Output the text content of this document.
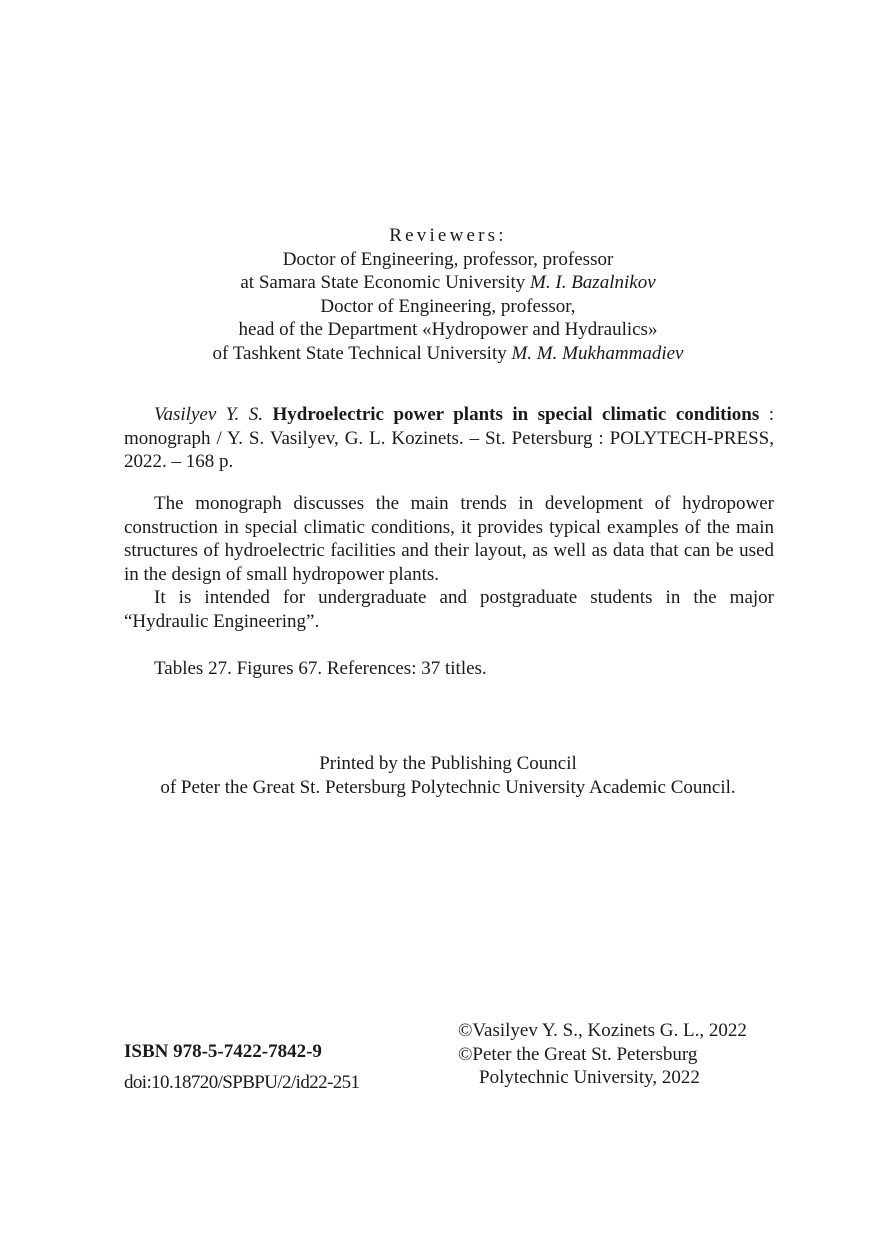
Reviewers:
Doctor of Engineering, professor, professor
at Samara State Economic University M. I. Bazalnikov
Doctor of Engineering, professor,
head of the Department «Hydropower and Hydraulics»
of Tashkent State Technical University M. M. Mukhammadiev

Vasilyev Y. S. Hydroelectric power plants in special climatic conditions : monograph / Y. S. Vasilyev, G. L. Kozinets. – St. Petersburg : POLYTECH-PRESS, 2022. – 168 p.

The monograph discusses the main trends in development of hydropower construction in special climatic conditions, it provides typical examples of the main structures of hydroelectric facilities and their layout, as well as data that can be used in the design of small hydropower plants.

It is intended for undergraduate and postgraduate students in the major “Hydraulic Engineering”.

Tables 27. Figures 67. References: 37 titles.
Printed by the Publishing Council
of Peter the Great St. Petersburg Polytechnic University Academic Council.
ISBN 978-5-7422-7842-9
doi:10.18720/SPBPU/2/id22-251
©Vasilyev Y. S., Kozinets G. L., 2022
©Peter the Great St. Petersburg
Polytechnic University, 2022
